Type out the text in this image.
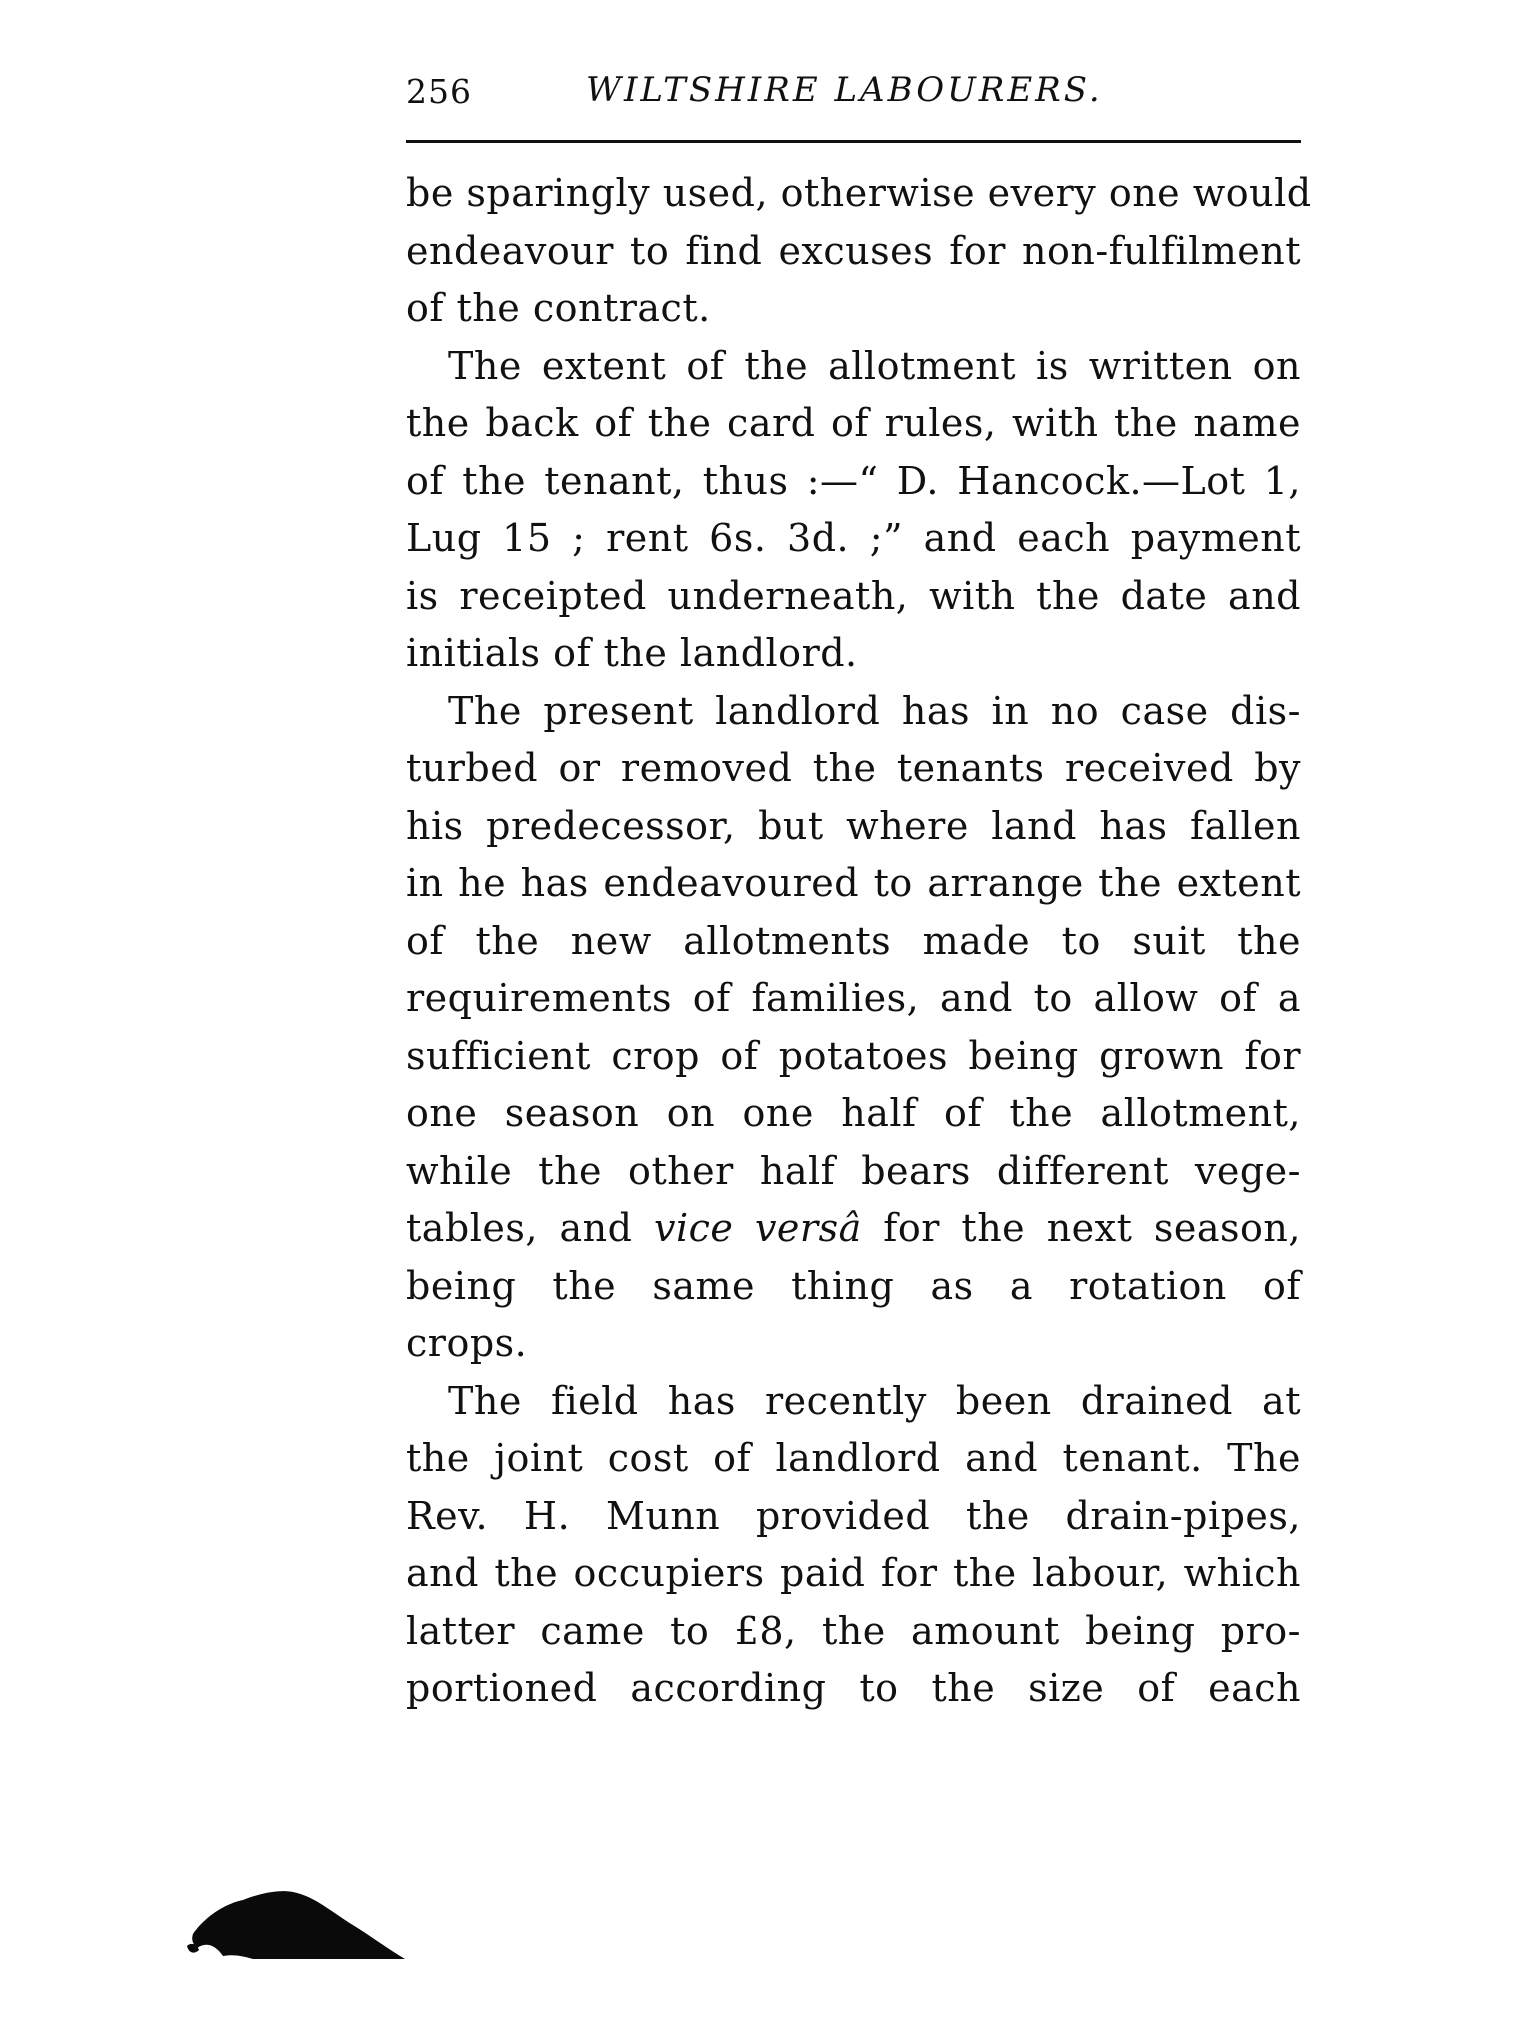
256	WILTSHIRE LABOURERS.

be sparingly used, otherwise every one would
endeavour to find excuses for non-fulfilment
of the contract.

The extent of the allotment is written on
the back of the card of rules, with the name
of the tenant, thus :—“ D. Hancock.—Lot 1,
Lug 15 ; rent 6s. 3d. ;” and each payment
is receipted underneath, with the date and
initials of the landlord.

The present landlord has in no case dis-
turbed or removed the tenants received by
his predecessor, but where land has fallen
in he has endeavoured to arrange the extent
of the new allotments made to suit the
requirements of families, and to allow of a
sufficient crop of potatoes being grown for
one season on one half of the allotment,
while the other half bears different vege-
tables, and vice versâ for the next season,
being the same thing as a rotation of
crops.

The field has recently been drained at
the joint cost of landlord and tenant. The
Rev. H. Munn provided the drain-pipes,
and the occupiers paid for the labour, which
latter came to £8, the amount being pro-
portioned according to the size of each
